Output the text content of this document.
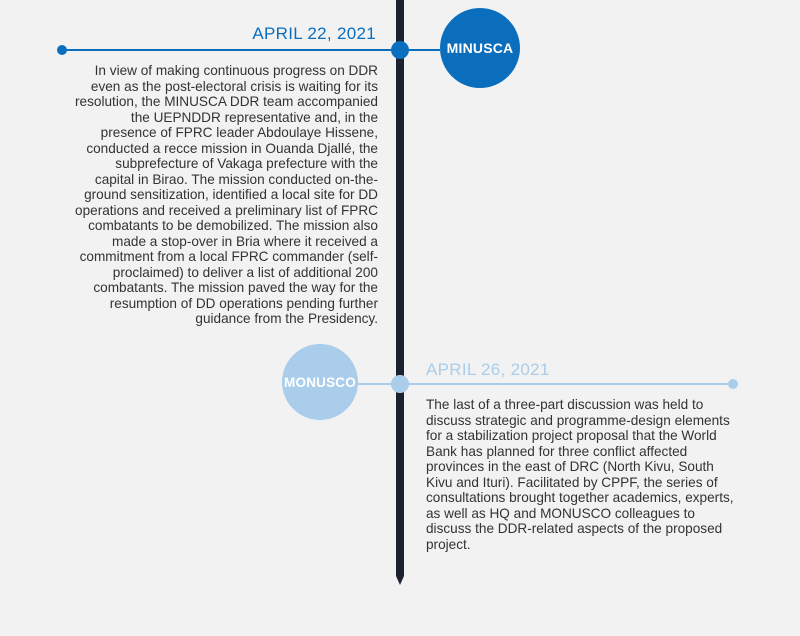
MINUSCA
APRIL 22, 2021

In view of making continuous progress on DDR even as the post-electoral crisis is waiting for its resolution, the MINUSCA DDR team accompanied the UEPNDDR representative and, in the presence of FPRC leader Abdoulaye Hissene, conducted a recce mission in Ouanda Djallé, the subprefecture of Vakaga prefecture with the capital in Birao. The mission conducted on-the-ground sensitization, identified a local site for DD operations and received a preliminary list of FPRC combatants to be demobilized. The mission also made a stop-over in Bria where it received a commitment from a local FPRC commander (self-proclaimed) to deliver a list of additional 200 combatants. The mission paved the way for the resumption of DD operations pending further guidance from the Presidency.

MONUSCO
APRIL 26, 2021

The last of a three-part discussion was held to discuss strategic and programme-design elements for a stabilization project proposal that the World Bank has planned for three conflict affected provinces in the east of DRC (North Kivu, South Kivu and Ituri). Facilitated by CPPF, the series of consultations brought together academics, experts, as well as HQ and MONUSCO colleagues to discuss the DDR-related aspects of the proposed project.
